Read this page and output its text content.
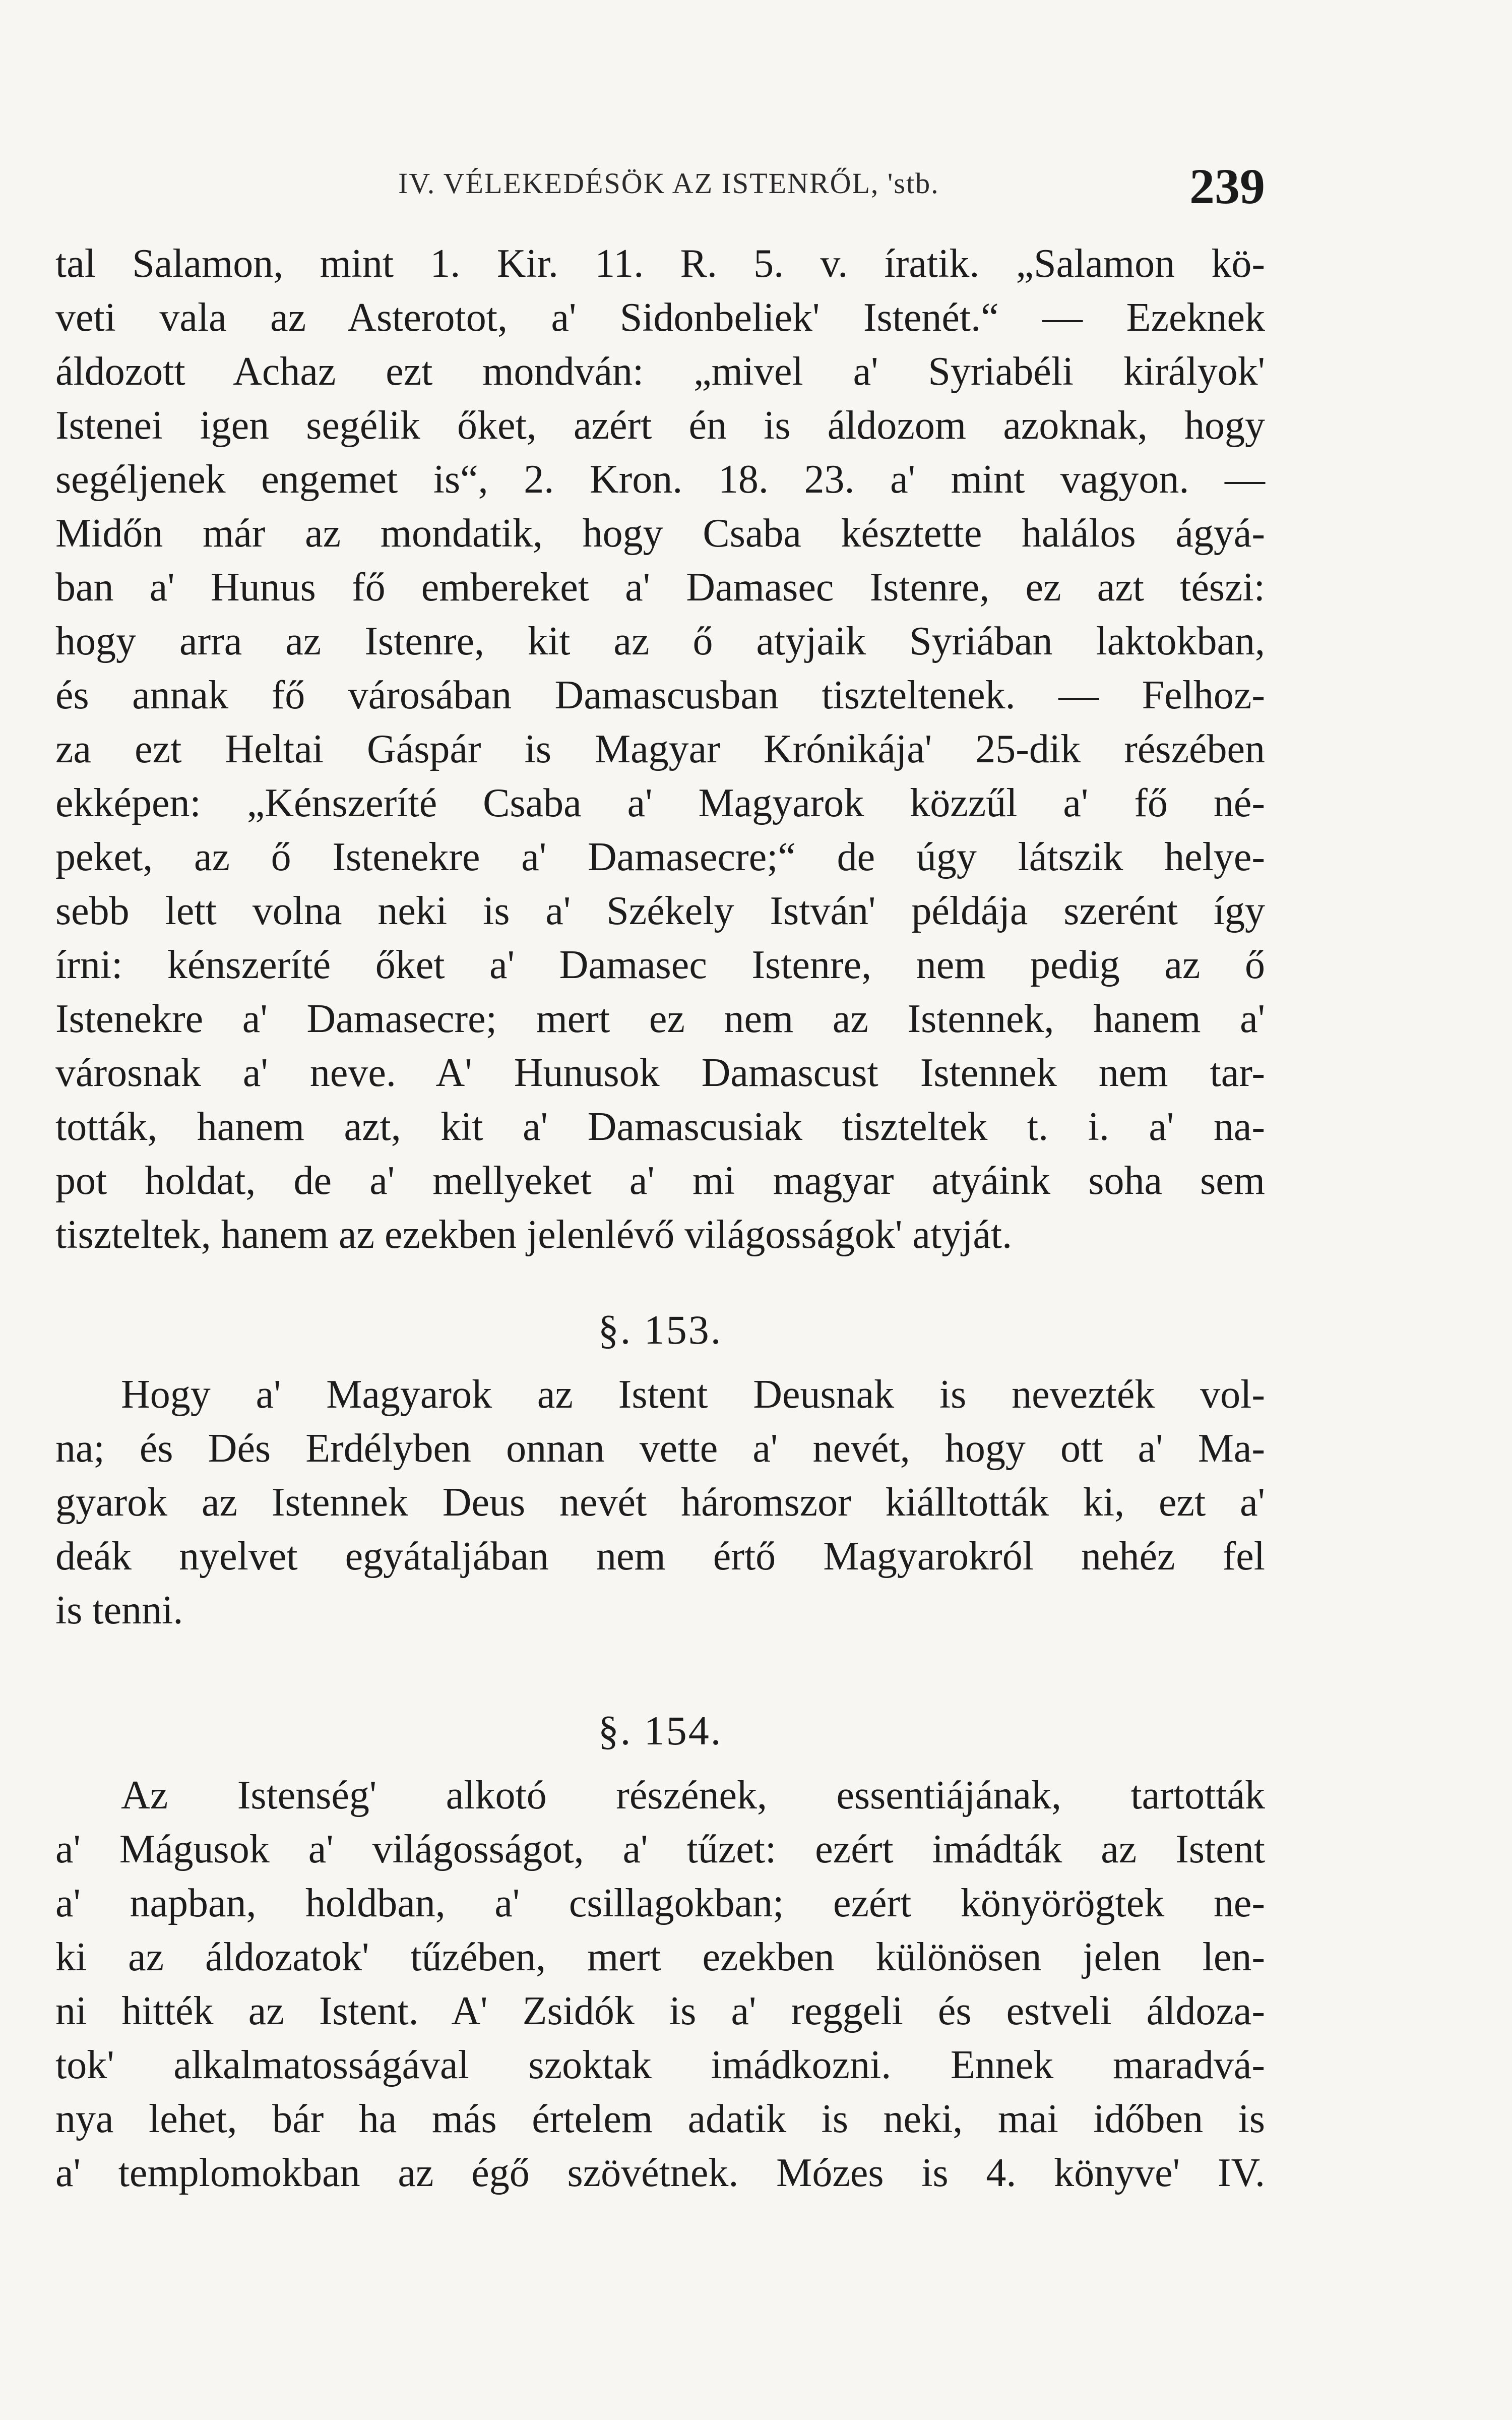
IV. VÉLEKEDÉSÖK AZ ISTENRŐL, 'stb.	239
tal Salamon, mint 1. Kir. 11. R. 5. v. íratik. „Salamon kö-
veti vala az Asterotot, a' Sidonbeliek' Istenét.“ — Ezeknek
áldozott Achaz ezt mondván: „mivel a' Syriabéli királyok'
Istenei igen segélik őket, azért én is áldozom azoknak, hogy
segéljenek engemet is“, 2. Kron. 18. 23. a' mint vagyon. —
Midőn már az mondatik, hogy Csaba késztette halálos ágyá-
ban a' Hunus fő embereket a' Damasec Istenre, ez azt tészi:
hogy arra az Istenre, kit az ő atyjaik Syriában laktokban,
és annak fő városában Damascusban tiszteltenek. — Felhoz-
za ezt Heltai Gáspár is Magyar Krónikája' 25-dik részében
ekképen: „Kénszeríté Csaba a' Magyarok közzűl a' fő né-
peket, az ő Istenekre a' Damasecre;“ de úgy látszik helye-
sebb lett volna neki is a' Székely István' példája szerént így
írni: kénszeríté őket a' Damasec Istenre, nem pedig az ő
Istenekre a' Damasecre; mert ez nem az Istennek, hanem a'
városnak a' neve. A' Hunusok Damascust Istennek nem tar-
tották, hanem azt, kit a' Damascusiak tiszteltek t. i. a' na-
pot holdat, de a' mellyeket a' mi magyar atyáink soha sem
tiszteltek, hanem az ezekben jelenlévő világosságok' atyját.
§. 153.
Hogy a' Magyarok az Istent Deusnak is nevezték vol-
na; és Dés Erdélyben onnan vette a' nevét, hogy ott a' Ma-
gyarok az Istennek Deus nevét háromszor kiálltották ki, ezt a'
deák nyelvet egyátaljában nem értő Magyarokról nehéz fel
is tenni.
§. 154.
Az Istenség' alkotó részének, essentiájának, tartották
a' Mágusok a' világosságot, a' tűzet: ezért imádták az Istent
a' napban, holdban, a' csillagokban; ezért könyörögtek ne-
ki az áldozatok' tűzében, mert ezekben különösen jelen len-
ni hitték az Istent. A' Zsidók is a' reggeli és estveli áldoza-
tok' alkalmatosságával szoktak imádkozni. Ennek maradvá-
nya lehet, bár ha más értelem adatik is neki, mai időben is
a' templomokban az égő szövétnek. Mózes is 4. könyve' IV.
